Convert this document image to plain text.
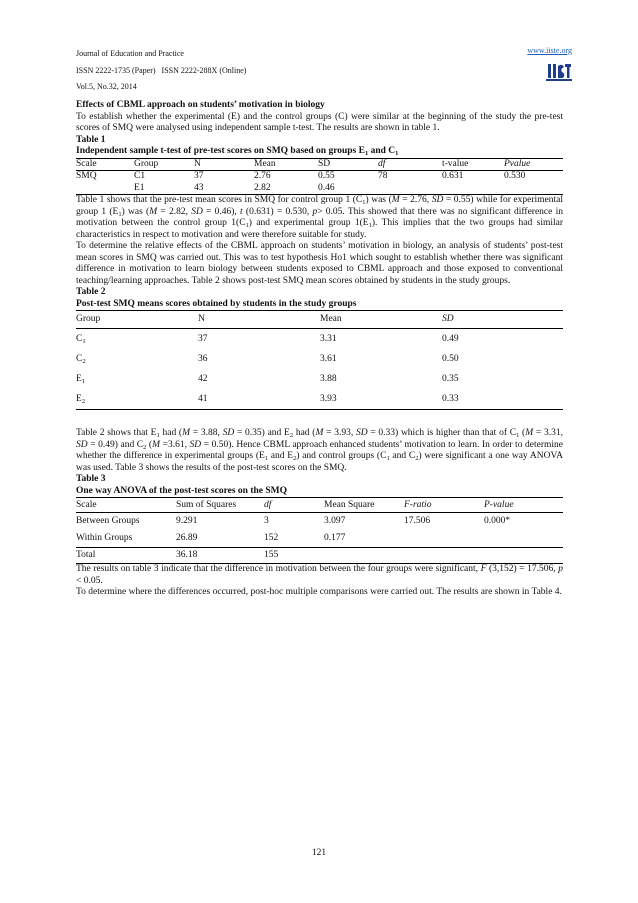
Journal of Education and Practice
ISSN 2222-1735 (Paper)   ISSN 2222-288X (Online)
Vol.5, No.32, 2014
www.iiste.org

Effects of CBML approach on students’ motivation in biology

To establish whether the experimental (E) and the control groups (C) were similar at the beginning of the study the pre-test scores of SMQ were analysed using independent sample t-test. The results are shown in table 1.

Table 1

Independent sample t-test of pre-test scores on SMQ based on groups $E_1$ and $C_1$

Scale	Group	N	Mean	SD	df	t-value	Pvalue
SMQ	C1	37	2.76	0.55	78	0.631	0.530
	E1	43	2.82	0.46			

Table 1 shows that the pre-test mean scores in SMQ for control group 1 $(C_1)$ was (M = 2.76, SD = 0.55) while for experimental group 1 $(E_1)$ was (M = 2.82, SD = 0.46), t (0.631) = 0.530, p> 0.05. This showed that there was no significant difference in motivation between the control group $1(C_1)$ and experimental group $1(E_1)$. This implies that the two groups had similar characteristics in respect to motivation and were therefore suitable for study.

To determine the relative effects of the CBML approach on students’ motivation in biology, an analysis of students’ post-test mean scores in SMQ was carried out. This was to test hypothesis Ho1 which sought to establish whether there was significant difference in motivation to learn biology between students exposed to CBML approach and those exposed to conventional teaching/learning approaches. Table 2 shows post-test SMQ mean scores obtained by students in the study groups.

Table 2

Post-test SMQ means scores obtained by students in the study groups

Group	N	Mean	SD
$C_1$	37	3.31	0.49
$C_2$	36	3.61	0.50
$E_1$	42	3.88	0.35
$E_2$	41	3.93	0.33

Table 2 shows that $E_1$ had (M = 3.88, SD = 0.35) and $E_2$ had (M = 3.93, SD = 0.33) which is higher than that of $C_1$ (M = 3.31, SD = 0.49) and $C_2$ (M =3.61, SD = 0.50). Hence CBML approach enhanced students’ motivation to learn. In order to determine whether the difference in experimental groups ($E_1$ and $E_2$) and control groups ($C_1$ and $C_2$) were significant a one way ANOVA was used. Table 3 shows the results of the post-test scores on the SMQ.

Table 3

One way ANOVA of the post-test scores on the SMQ

Scale	Sum of Squares	df	Mean Square	F-ratio	P-value
Between Groups	9.291	3	3.097	17.506	0.000*
Within Groups	26.89	152	0.177		
Total	36.18	155			

The results on table 3 indicate that the difference in motivation between the four groups were significant, F (3,152) = 17.506, p < 0.05.

To determine where the differences occurred, post-hoc multiple comparisons were carried out. The results are shown in Table 4.

121
